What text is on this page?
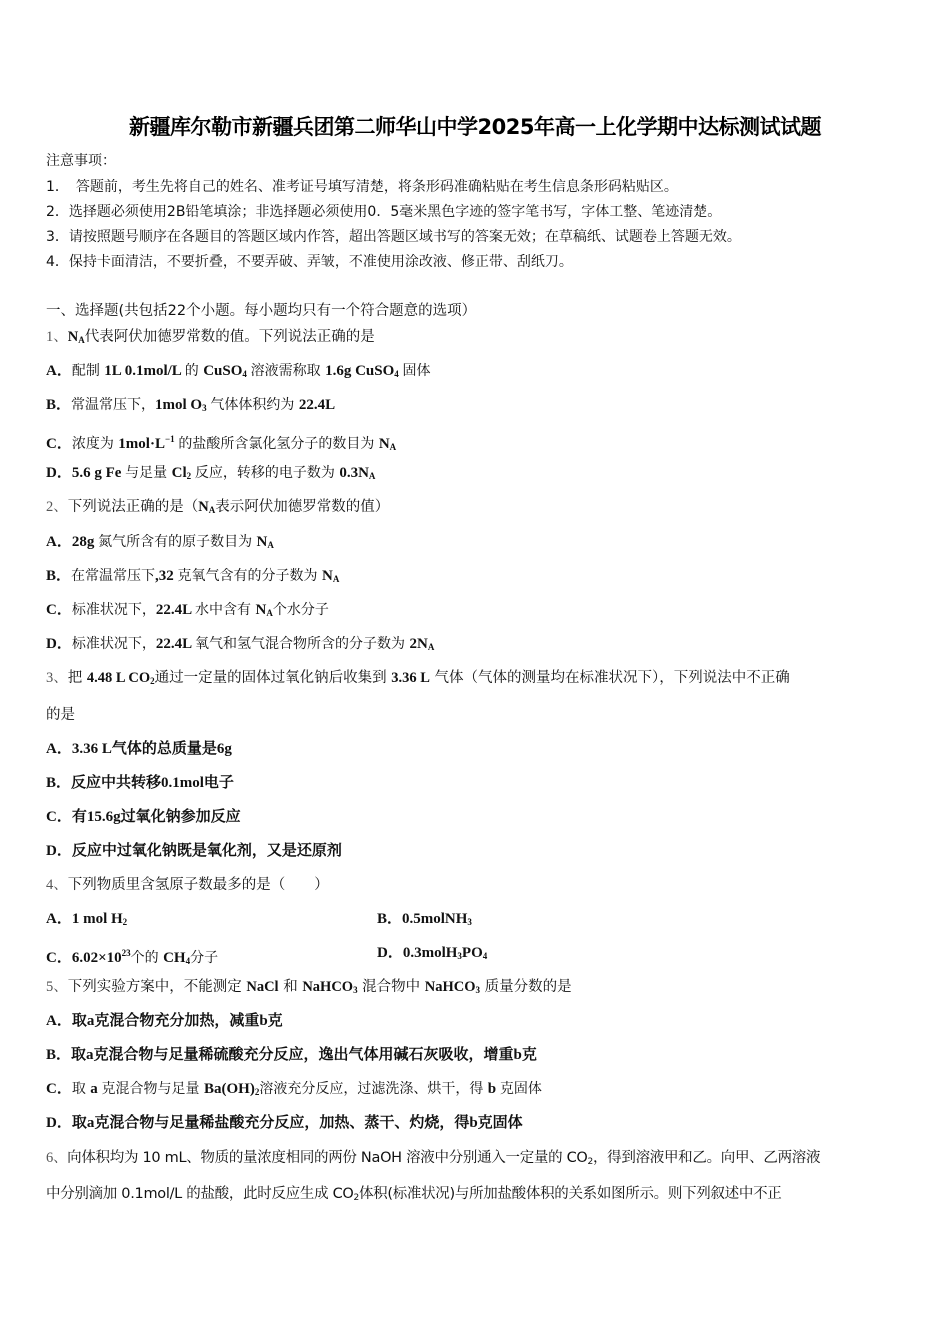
新疆库尔勒市新疆兵团第二师华山中学2025年高一上化学期中达标测试试题
注意事项：
1．　答题前，考生先将自己的姓名、准考证号填写清楚，将条形码准确粘贴在考生信息条形码粘贴区。
2．选择题必须使用2B铅笔填涂；非选择题必须使用0．5毫米黑色字迹的签字笔书写，字体工整、笔迹清楚。
3．请按照题号顺序在各题目的答题区域内作答，超出答题区域书写的答案无效；在草稿纸、试题卷上答题无效。
4．保持卡面清洁，不要折叠，不要弄破、弄皱，不准使用涂改液、修正带、刮纸刀。
一、选择题(共包括22个小题。每小题均只有一个符合题意的选项）
1、$N_A$代表阿伏加德罗常数的值。下列说法正确的是
A．配制 1L 0.1mol/L 的 CuSO$_4$ 溶液需称取 1.6g CuSO$_4$ 固体
B．常温常压下，1mol $O_3$ 气体体积约为 22.4L
C．浓度为 $1mol\cdot L^{-1}$ 的盐酸所含氯化氢分子的数目为 $N_A$
D．5.6 g Fe 与足量 $Cl_2$ 反应，转移的电子数为 $0.3N_A$
2、下列说法正确的是（$N_A$表示阿伏加德罗常数的值）
A．28g 氮气所含有的原子数目为 $N_A$
B．在常温常压下,32 克氧气含有的分子数为 $N_A$
C．标准状况下，22.4L 水中含有 $N_A$个水分子
D．标准状况下，22.4L 氧气和氢气混合物所含的分子数为 $2N_A$
3、把 4.48 L $CO_2$通过一定量的固体过氧化钠后收集到 3.36 L 气体（气体的测量均在标准状况下），下列说法中不正确
的是
A．3.36 L气体的总质量是6g
B．反应中共转移0.1mol电子
C．有15.6g过氧化钠参加反应
D．反应中过氧化钠既是氧化剂，又是还原剂
4、下列物质里含氢原子数最多的是（　　）
A．1 mol $H_2$	B．0.5molNH$_3$
C．$6.02\times 10^{23}$个的 $CH_4$分子	D．$0.3molH_3PO_4$
5、下列实验方案中，不能测定 NaCl 和 NaHCO$_3$ 混合物中 NaHCO$_3$ 质量分数的是
A．取a克混合物充分加热，减重b克
B．取a克混合物与足量稀硫酸充分反应，逸出气体用碱石灰吸收，增重b克
C．取 a 克混合物与足量 $Ba(OH)_2$溶液充分反应，过滤洗涤、烘干，得 b 克固体
D．取a克混合物与足量稀盐酸充分反应，加热、蒸干、灼烧，得b克固体
6、向体积均为 10 mL、物质的量浓度相同的两份 NaOH 溶液中分别通入一定量的 $CO_2$，得到溶液甲和乙。向甲、乙两溶液
中分别滴加 0.1mol/L 的盐酸，此时反应生成 $CO_2$体积(标准状况)与所加盐酸体积的关系如图所示。则下列叙述中不正
